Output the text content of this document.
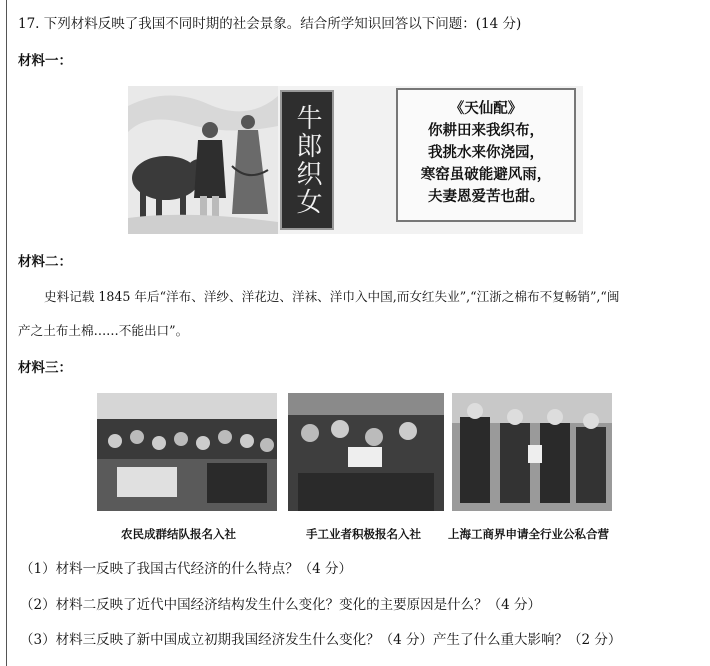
17. 下列材料反映了我国不同时期的社会景象。结合所学知识回答以下问题：(14 分)
材料一：
牛郎织女	《天仙配》
你耕田来我织布，
我挑水来你浇园，
寒窑虽破能避风雨，
夫妻恩爱苦也甜。
材料二：
史料记载 1845 年后“洋布、洋纱、洋花边、洋袜、洋巾入中国,而女红失业”,“江浙之棉布不复畅销”,“闽
产之土布土棉……不能出口”。
材料三：
农民成群结队报名入社	手工业者积极报名入社 上海工商界申请全行业公私合营
（1）材料一反映了我国古代经济的什么特点？（4 分）
（2）材料二反映了近代中国经济结构发生什么变化？变化的主要原因是什么？（4 分）
（3）材料三反映了新中国成立初期我国经济发生什么变化？（4 分）产生了什么重大影响？（2 分）
